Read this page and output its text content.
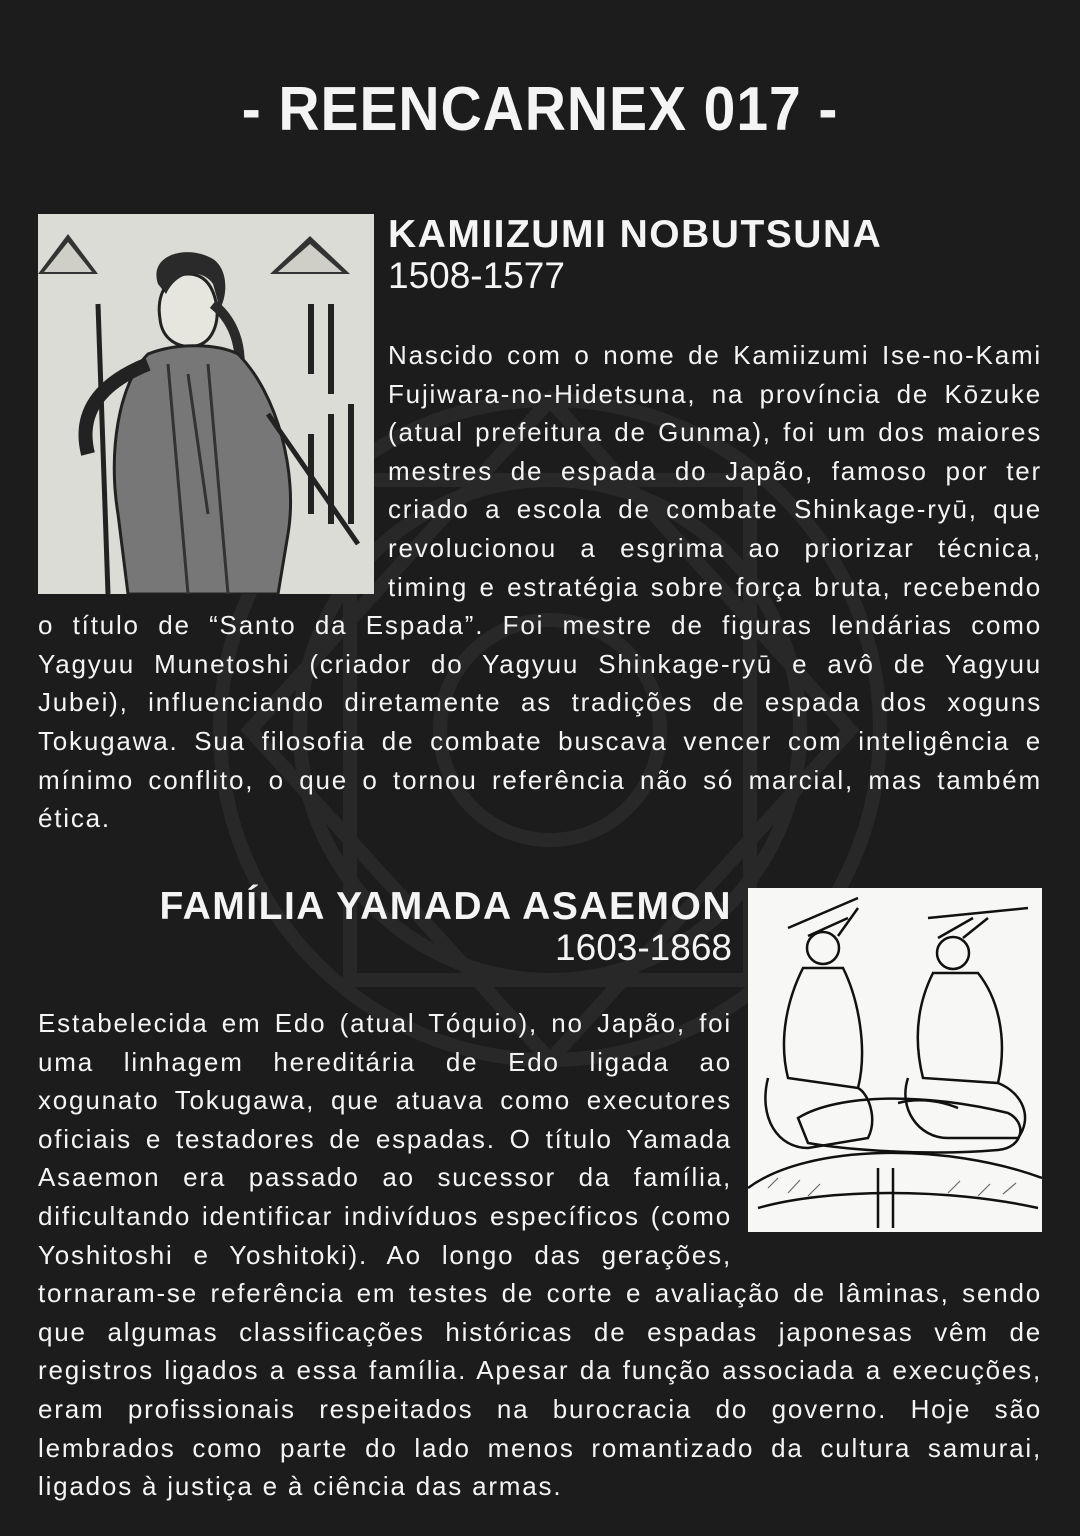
- REENCARNEX 017 -
KAMIIZUMI NOBUTSUNA

1508-1577

Nascido com o nome de Kamiizumi Ise-no-Kami Fujiwara-no-Hidetsuna, na província de Kōzuke (atual prefeitura de Gunma), foi um dos maiores mestres de espada do Japão, famoso por ter criado a escola de combate Shinkage-ryū, que revolucionou a esgrima ao priorizar técnica, timing e estratégia sobre força bruta, recebendo o título de “Santo da Espada”. Foi mestre de figuras lendárias como Yagyuu Munetoshi (criador do Yagyuu Shinkage-ryū e avô de Yagyuu Jubei), influenciando diretamente as tradições de espada dos xoguns Tokugawa. Sua filosofia de combate buscava vencer com inteligência e mínimo conflito, o que o tornou referência não só marcial, mas também ética.

FAMÍLIA YAMADA ASAEMON

1603-1868

Estabelecida em Edo (atual Tóquio), no Japão, foi uma linhagem hereditária de Edo ligada ao xogunato Tokugawa, que atuava como executores oficiais e testadores de espadas. O título Yamada Asaemon era passado ao sucessor da família, dificultando identificar indivíduos específicos (como Yoshitoshi e Yoshitoki). Ao longo das gerações, tornaram-se referência em testes de corte e avaliação de lâminas, sendo que algumas classificações históricas de espadas japonesas vêm de registros ligados a essa família. Apesar da função associada a execuções, eram profissionais respeitados na burocracia do governo. Hoje são lembrados como parte do lado menos romantizado da cultura samurai, ligados à justiça e à ciência das armas.
